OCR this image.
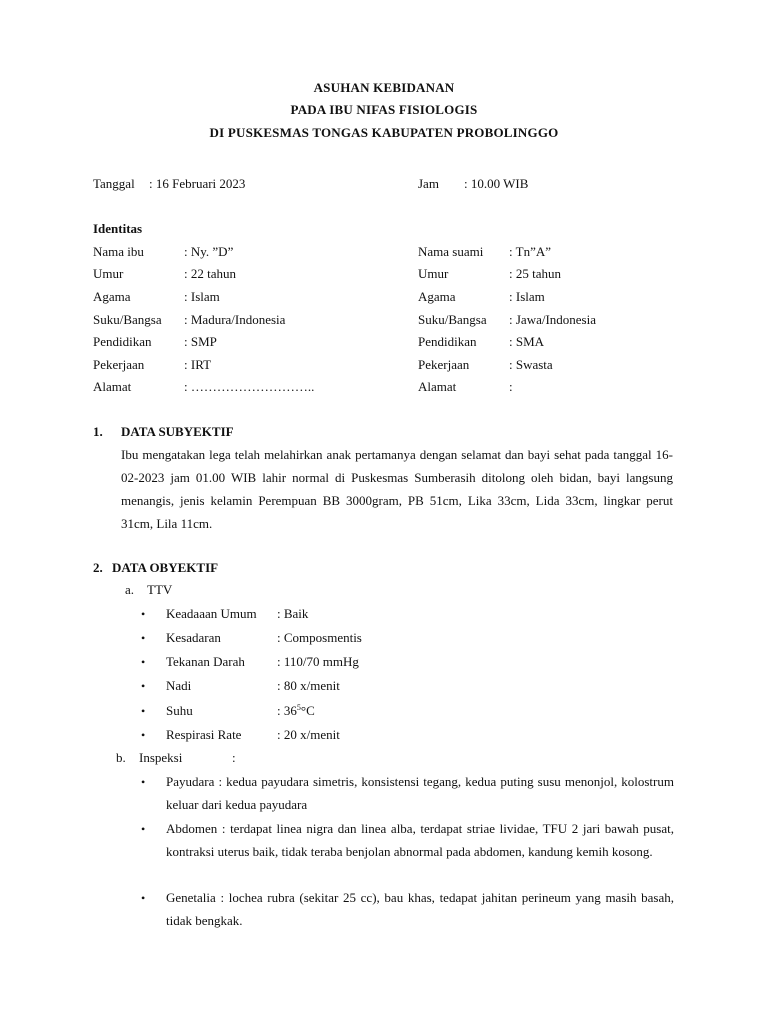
ASUHAN KEBIDANAN
PADA IBU NIFAS FISIOLOGIS
DI PUSKESMAS TONGAS KABUPATEN PROBOLINGGO
Tanggal : 16 Februari 2023	Jam : 10.00 WIB
Identitas
Nama ibu	: Ny. ”D”
Umur	: 22 tahun
Agama	: Islam
Suku/Bangsa : Madura/Indonesia
Pendidikan	: SMP
Pekerjaan	: IRT
Alamat	: ………………………..
Nama suami : Tn”A”
Umur	: 25 tahun
Agama	: Islam
Suku/Bangsa : Jawa/Indonesia
Pendidikan	: SMA
Pekerjaan	: Swasta
Alamat	:
1. DATA SUBYEKTIF
Ibu mengatakan lega telah melahirkan anak pertamanya dengan selamat dan bayi sehat pada tanggal 16-02-2023 jam 01.00 WIB lahir normal di Puskesmas Sumberasih ditolong oleh bidan, bayi langsung menangis, jenis kelamin Perempuan BB 3000gram, PB 51cm, Lika 33cm, Lida 33cm, lingkar perut 31cm, Lila 11cm.
2. DATA OBYEKTIF
a. TTV
• Keadaaan Umum : Baik
• Kesadaran	: Composmentis
• Tekanan Darah : 110/70 mmHg
• Nadi	: 80 x/menit
• Suhu	: $36^5^\circ C$
• Respirasi Rate	: 20 x/menit
b. Inspeksi	:
• Payudara : kedua payudara simetris, konsistensi tegang, kedua puting susu menonjol, kolostrum keluar dari kedua payudara
• Abdomen : terdapat linea nigra dan linea alba, terdapat striae lividae, TFU 2 jari bawah pusat, kontraksi uterus baik, tidak teraba benjolan abnormal pada abdomen, kandung kemih kosong.
• Genetalia : lochea rubra (sekitar 25 cc), bau khas, tedapat jahitan perineum yang masih basah, tidak bengkak.
